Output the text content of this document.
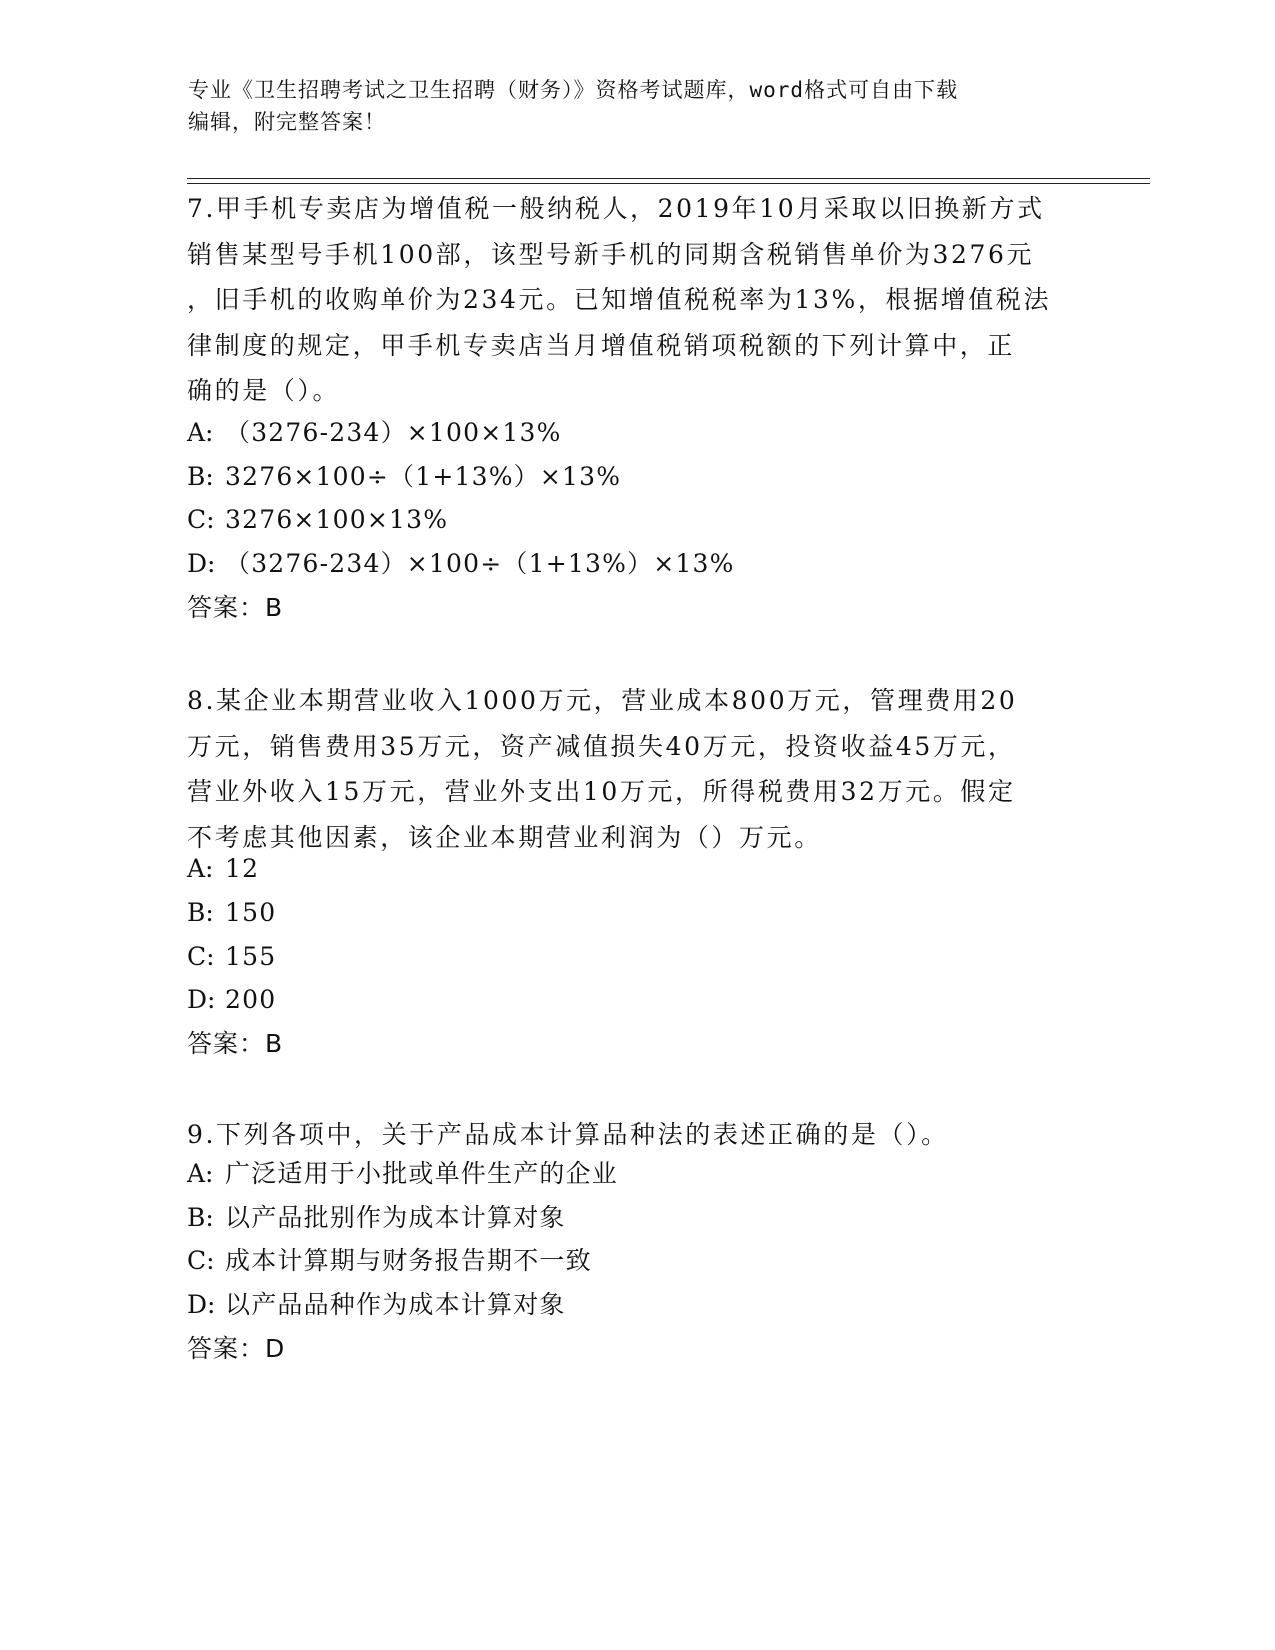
专业《卫生招聘考试之卫生招聘（财务）》资格考试题库，word格式可自由下载
编辑，附完整答案！

7.甲手机专卖店为增值税一般纳税人，2019年10月采取以旧换新方式
销售某型号手机100部，该型号新手机的同期含税销售单价为3276元
，旧手机的收购单价为234元。已知增值税税率为13%，根据增值税法
律制度的规定，甲手机专卖店当月增值税销项税额的下列计算中，正
确的是（）。

A: （3276-234）×100×13%
B: 3276×100÷（1+13%）×13%
C: 3276×100×13%
D: （3276-234）×100÷（1+13%）×13%
答案：B

8.某企业本期营业收入1000万元，营业成本800万元，管理费用20
万元，销售费用35万元，资产减值损失40万元，投资收益45万元，
营业外收入15万元，营业外支出10万元，所得税费用32万元。假定
不考虑其他因素，该企业本期营业利润为（）万元。

A: 12
B: 150
C: 155
D: 200
答案：B

9.下列各项中，关于产品成本计算品种法的表述正确的是（）。

A: 广泛适用于小批或单件生产的企业
B: 以产品批别作为成本计算对象
C: 成本计算期与财务报告期不一致
D: 以产品品种作为成本计算对象
答案：D
